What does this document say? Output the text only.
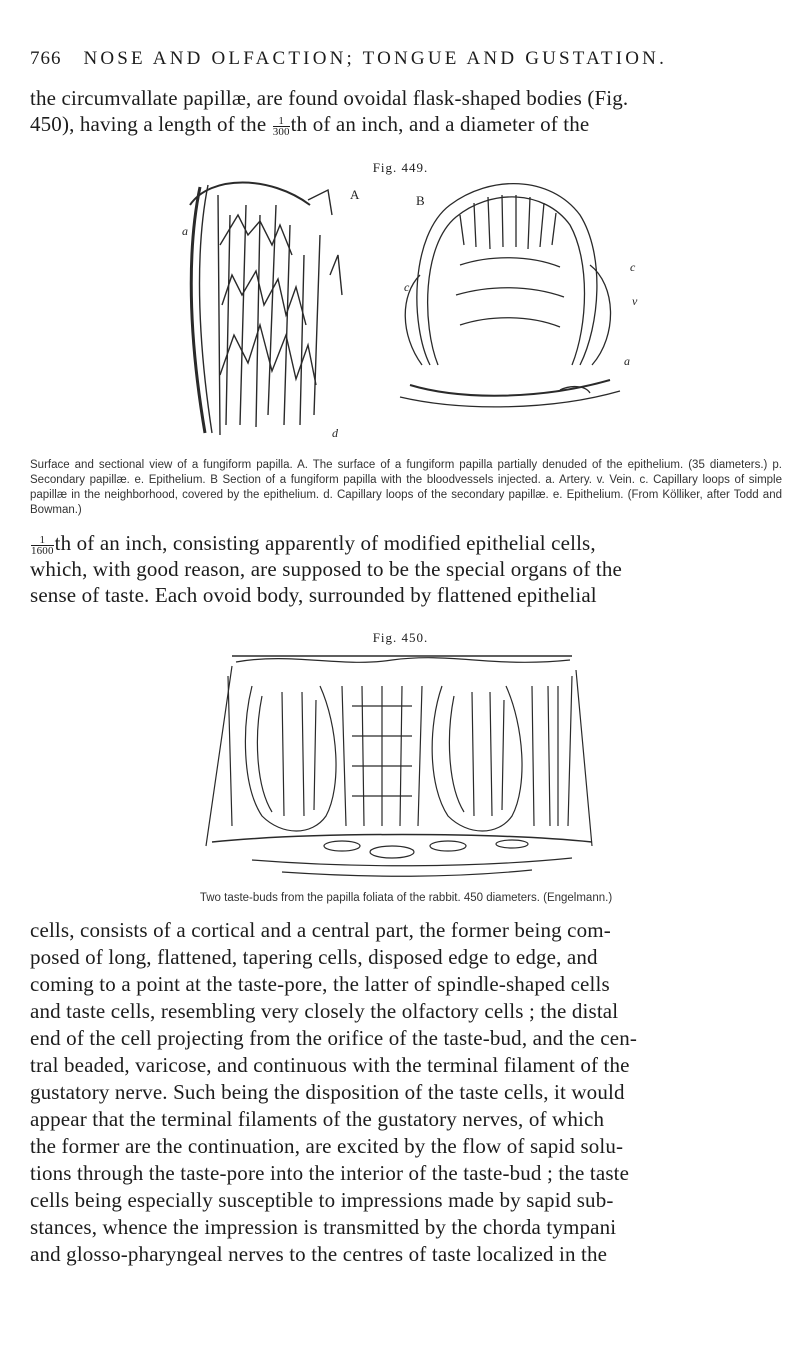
766 NOSE AND OLFACTION; TONGUE AND GUSTATION.
the circumvallate papillæ, are found ovoidal flask-shaped bodies (Fig.
450), having a length of the $\frac{1}{300}$ th of an inch, and a diameter of the
Fig. 449.
A	B
a
c
c
v
a
d
Surface and sectional view of a fungiform papilla. A. The surface of a fungiform papilla partially denuded of the epithelium. (35 diameters.) p. Secondary papillæ. e. Epithelium. B Section of a fungiform papilla with the bloodvessels injected. a. Artery. v. Vein. c. Capillary loops of simple papillæ in the neighborhood, covered by the epithelium. d. Capillary loops of the secondary papillæ. e. Epithelium. (From Kölliker, after Todd and Bowman.)
$\frac{1}{1600}$ th of an inch, consisting apparently of modified epithelial cells,
which, with good reason, are supposed to be the special organs of the
sense of taste. Each ovoid body, surrounded by flattened epithelial
Fig. 450.
Two taste-buds from the papilla foliata of the rabbit. 450 diameters. (Engelmann.)
cells, consists of a cortical and a central part, the former being com-
posed of long, flattened, tapering cells, disposed edge to edge, and
coming to a point at the taste-pore, the latter of spindle-shaped cells
and taste cells, resembling very closely the olfactory cells ; the distal
end of the cell projecting from the orifice of the taste-bud, and the cen-
tral beaded, varicose, and continuous with the terminal filament of the
gustatory nerve. Such being the disposition of the taste cells, it would
appear that the terminal filaments of the gustatory nerves, of which
the former are the continuation, are excited by the flow of sapid solu-
tions through the taste-pore into the interior of the taste-bud ; the taste
cells being especially susceptible to impressions made by sapid sub-
stances, whence the impression is transmitted by the chorda tympani
and glosso-pharyngeal nerves to the centres of taste localized in the
